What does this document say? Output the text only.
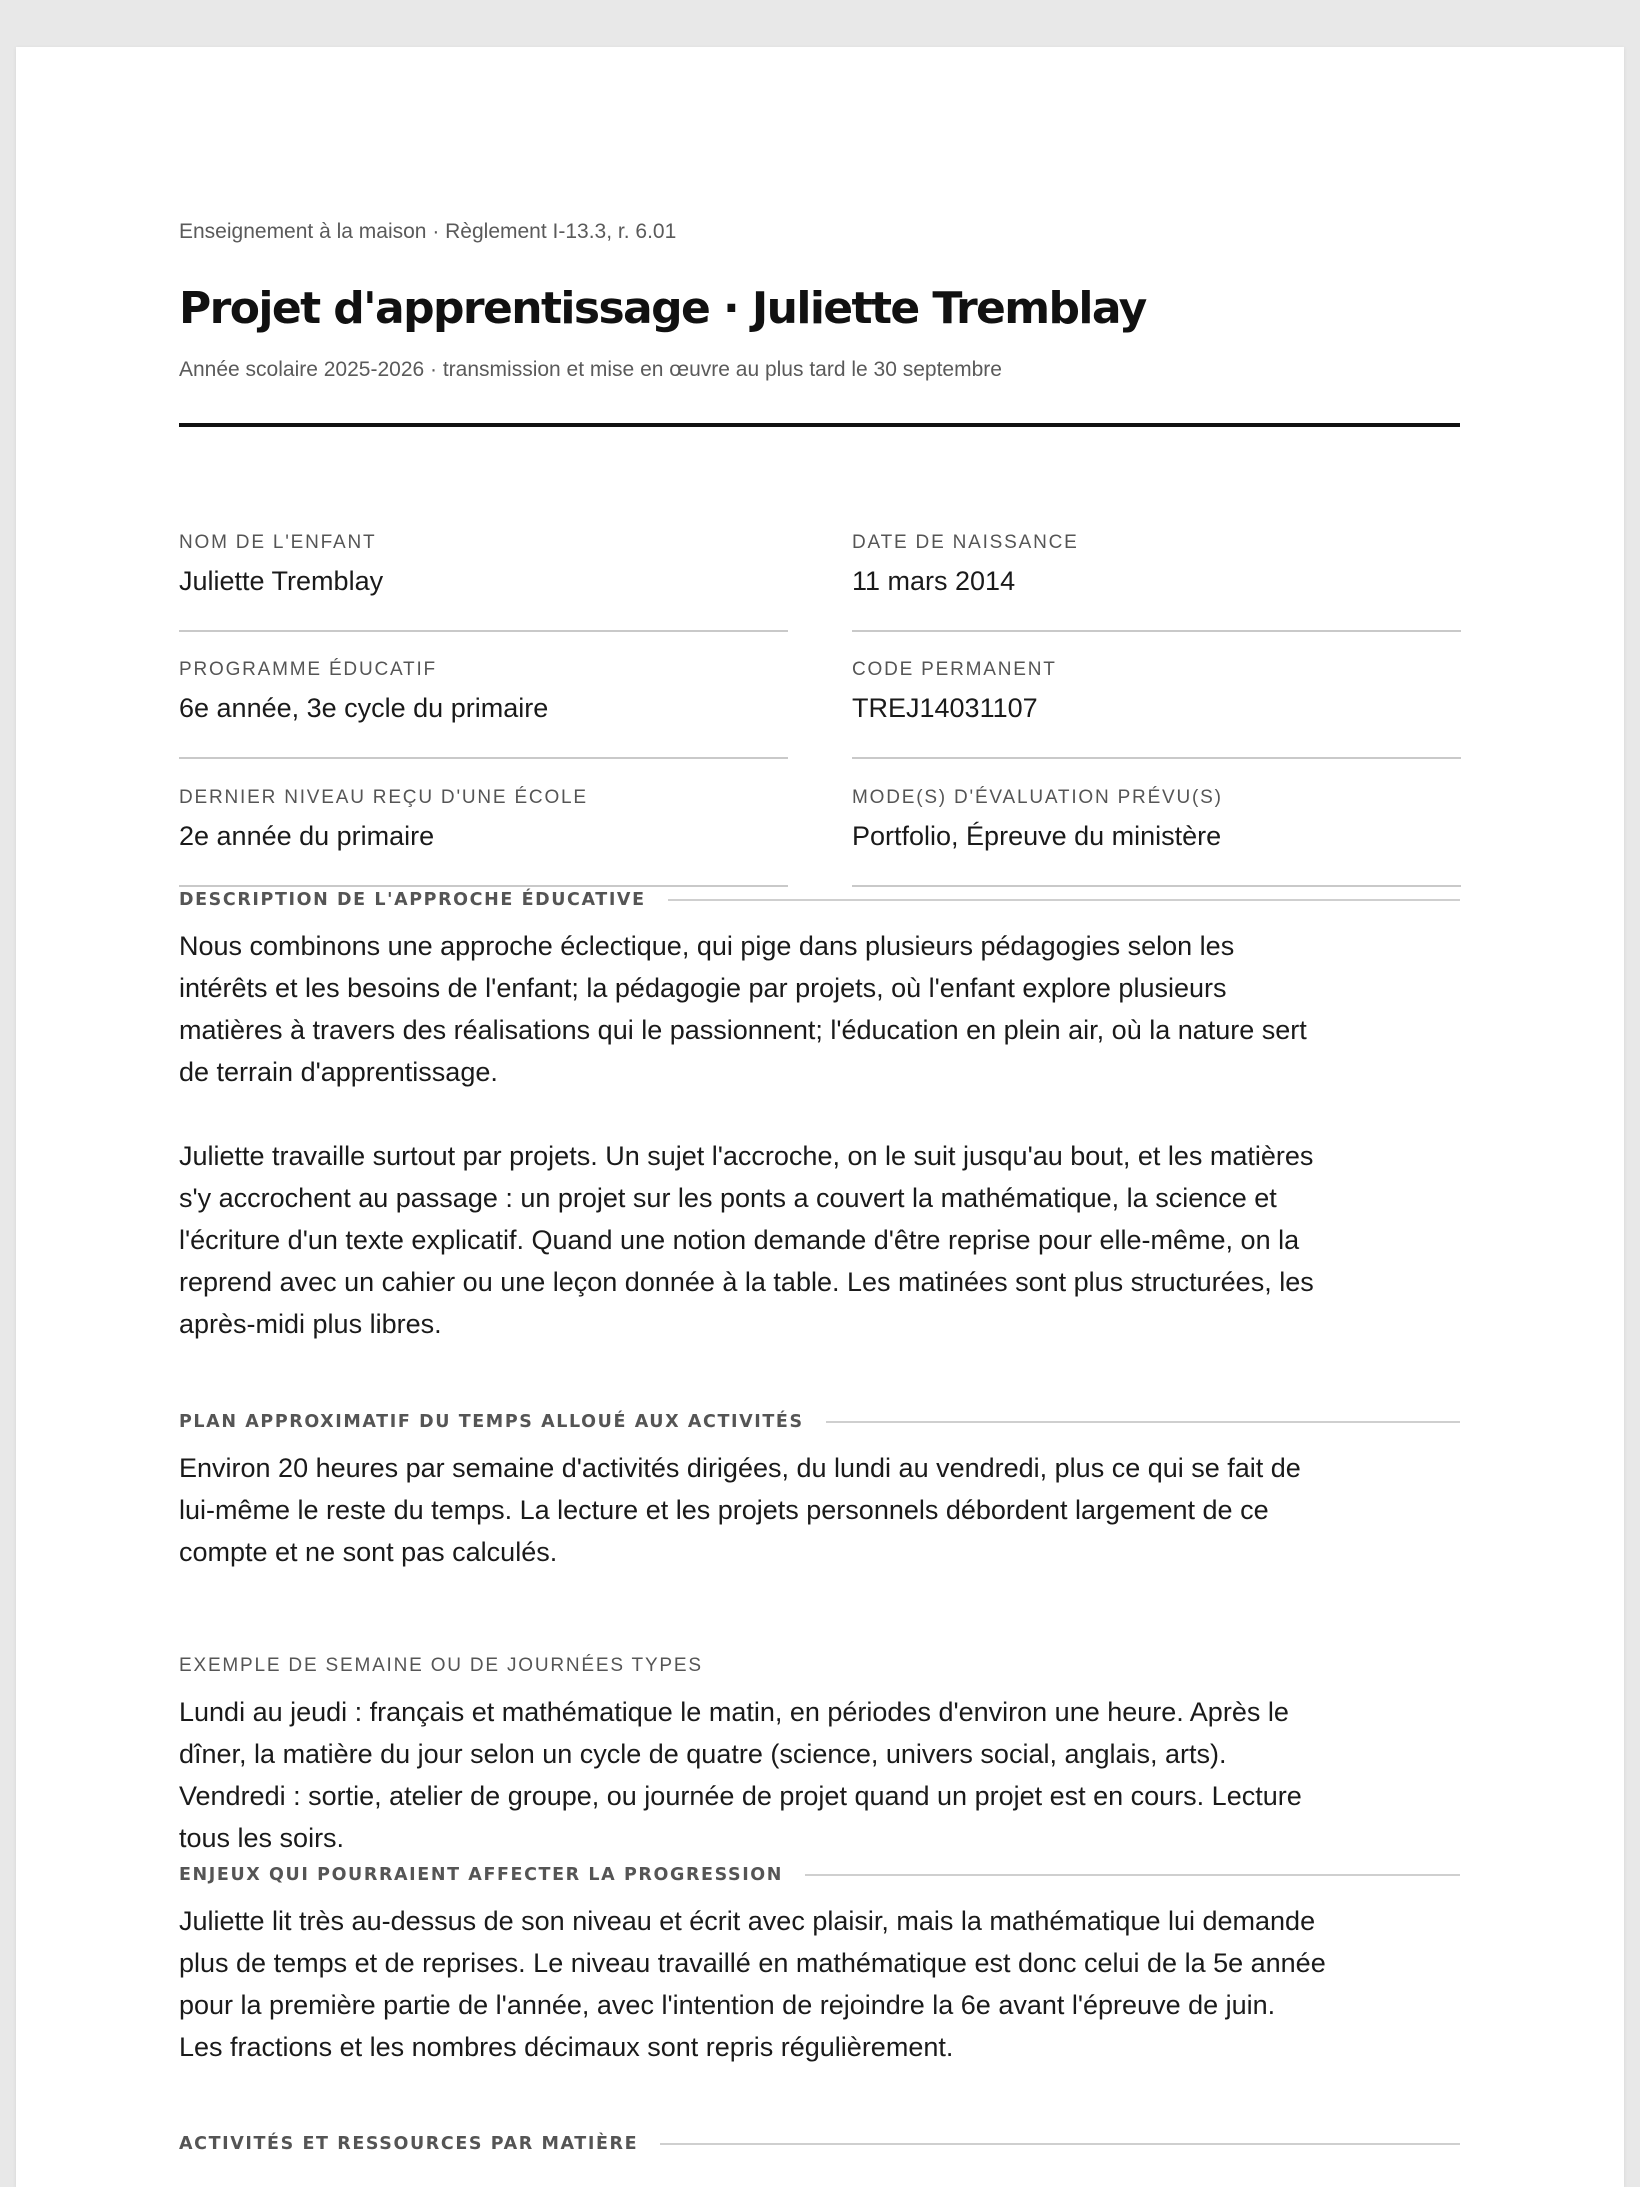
Enseignement à la maison · Règlement I-13.3, r. 6.01
Projet d'apprentissage · Juliette Tremblay
Année scolaire 2025-2026 · transmission et mise en œuvre au plus tard le 30 septembre
NOM DE L'ENFANT
Juliette Tremblay
DATE DE NAISSANCE
11 mars 2014
PROGRAMME ÉDUCATIF
6e année, 3e cycle du primaire
CODE PERMANENT
TREJ14031107
DERNIER NIVEAU REÇU D'UNE ÉCOLE
2e année du primaire
MODE(S) D'ÉVALUATION PRÉVU(S)
Portfolio, Épreuve du ministère
DESCRIPTION DE L'APPROCHE ÉDUCATIVE
Nous combinons une approche éclectique, qui pige dans plusieurs pédagogies selon les
intérêts et les besoins de l'enfant; la pédagogie par projets, où l'enfant explore plusieurs
matières à travers des réalisations qui le passionnent; l'éducation en plein air, où la nature sert
de terrain d'apprentissage.
Juliette travaille surtout par projets. Un sujet l'accroche, on le suit jusqu'au bout, et les matières
s'y accrochent au passage : un projet sur les ponts a couvert la mathématique, la science et
l'écriture d'un texte explicatif. Quand une notion demande d'être reprise pour elle-même, on la
reprend avec un cahier ou une leçon donnée à la table. Les matinées sont plus structurées, les
après-midi plus libres.
PLAN APPROXIMATIF DU TEMPS ALLOUÉ AUX ACTIVITÉS
Environ 20 heures par semaine d'activités dirigées, du lundi au vendredi, plus ce qui se fait de
lui-même le reste du temps. La lecture et les projets personnels débordent largement de ce
compte et ne sont pas calculés.
EXEMPLE DE SEMAINE OU DE JOURNÉES TYPES
Lundi au jeudi : français et mathématique le matin, en périodes d'environ une heure. Après le
dîner, la matière du jour selon un cycle de quatre (science, univers social, anglais, arts).
Vendredi : sortie, atelier de groupe, ou journée de projet quand un projet est en cours. Lecture
tous les soirs.
ENJEUX QUI POURRAIENT AFFECTER LA PROGRESSION
Juliette lit très au-dessus de son niveau et écrit avec plaisir, mais la mathématique lui demande
plus de temps et de reprises. Le niveau travaillé en mathématique est donc celui de la 5e année
pour la première partie de l'année, avec l'intention de rejoindre la 6e avant l'épreuve de juin.
Les fractions et les nombres décimaux sont repris régulièrement.
ACTIVITÉS ET RESSOURCES PAR MATIÈRE
